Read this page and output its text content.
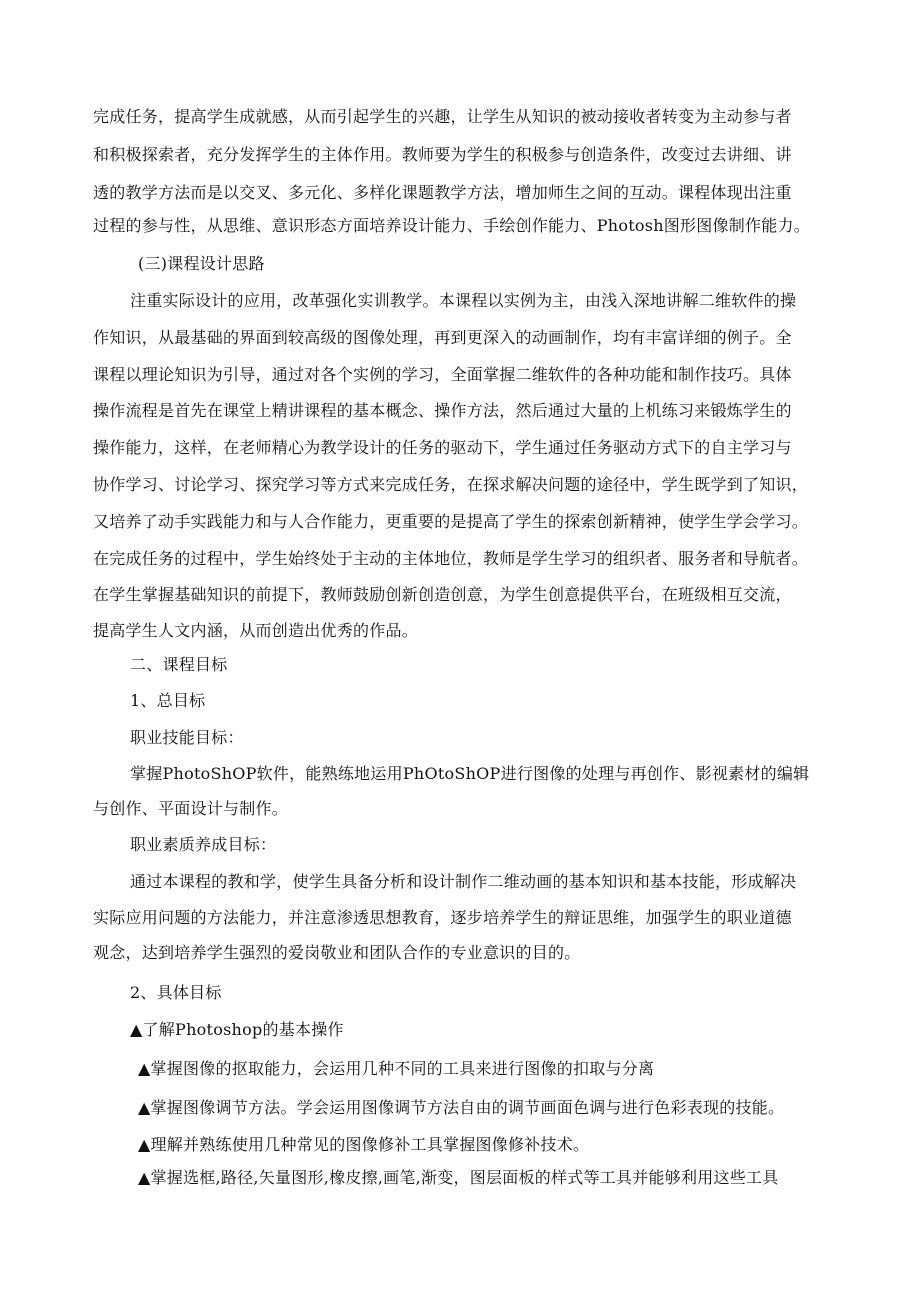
完成任务，提高学生成就感，从而引起学生的兴趣，让学生从知识的被动接收者转变为主动参与者
和积极探索者，充分发挥学生的主体作用。教师要为学生的积极参与创造条件，改变过去讲细、讲
透的教学方法而是以交叉、多元化、多样化课题教学方法，增加师生之间的互动。课程体现出注重
过程的参与性，从思维、意识形态方面培养设计能力、手绘创作能力、Photosh图形图像制作能力。
(三)课程设计思路
注重实际设计的应用，改革强化实训教学。本课程以实例为主，由浅入深地讲解二维软件的操
作知识，从最基础的界面到较高级的图像处理，再到更深入的动画制作，均有丰富详细的例子。全
课程以理论知识为引导，通过对各个实例的学习，全面掌握二维软件的各种功能和制作技巧。具体
操作流程是首先在课堂上精讲课程的基本概念、操作方法，然后通过大量的上机练习来锻炼学生的
操作能力，这样，在老师精心为教学设计的任务的驱动下，学生通过任务驱动方式下的自主学习与
协作学习、讨论学习、探究学习等方式来完成任务，在探求解决问题的途径中，学生既学到了知识，
又培养了动手实践能力和与人合作能力，更重要的是提高了学生的探索创新精神，使学生学会学习。
在完成任务的过程中，学生始终处于主动的主体地位，教师是学生学习的组织者、服务者和导航者。
在学生掌握基础知识的前提下，教师鼓励创新创造创意，为学生创意提供平台，在班级相互交流，
提高学生人文内涵，从而创造出优秀的作品。
二、课程目标
1、总目标
职业技能目标：
掌握PhotoShOP软件，能熟练地运用PhOtoShOP进行图像的处理与再创作、影视素材的编辑
与创作、平面设计与制作。
职业素质养成目标：
通过本课程的教和学，使学生具备分析和设计制作二维动画的基本知识和基本技能，形成解决
实际应用问题的方法能力，并注意渗透思想教育，逐步培养学生的辩证思维，加强学生的职业道德
观念，达到培养学生强烈的爱岗敬业和团队合作的专业意识的目的。
2、具体目标
▲了解Photoshop的基本操作
▲掌握图像的抠取能力，会运用几种不同的工具来进行图像的扣取与分离
▲掌握图像调节方法。学会运用图像调节方法自由的调节画面色调与进行色彩表现的技能。
▲理解并熟练使用几种常见的图像修补工具掌握图像修补技术。
▲掌握选框,路径,矢量图形,橡皮擦,画笔,渐变，图层面板的样式等工具并能够利用这些工具
